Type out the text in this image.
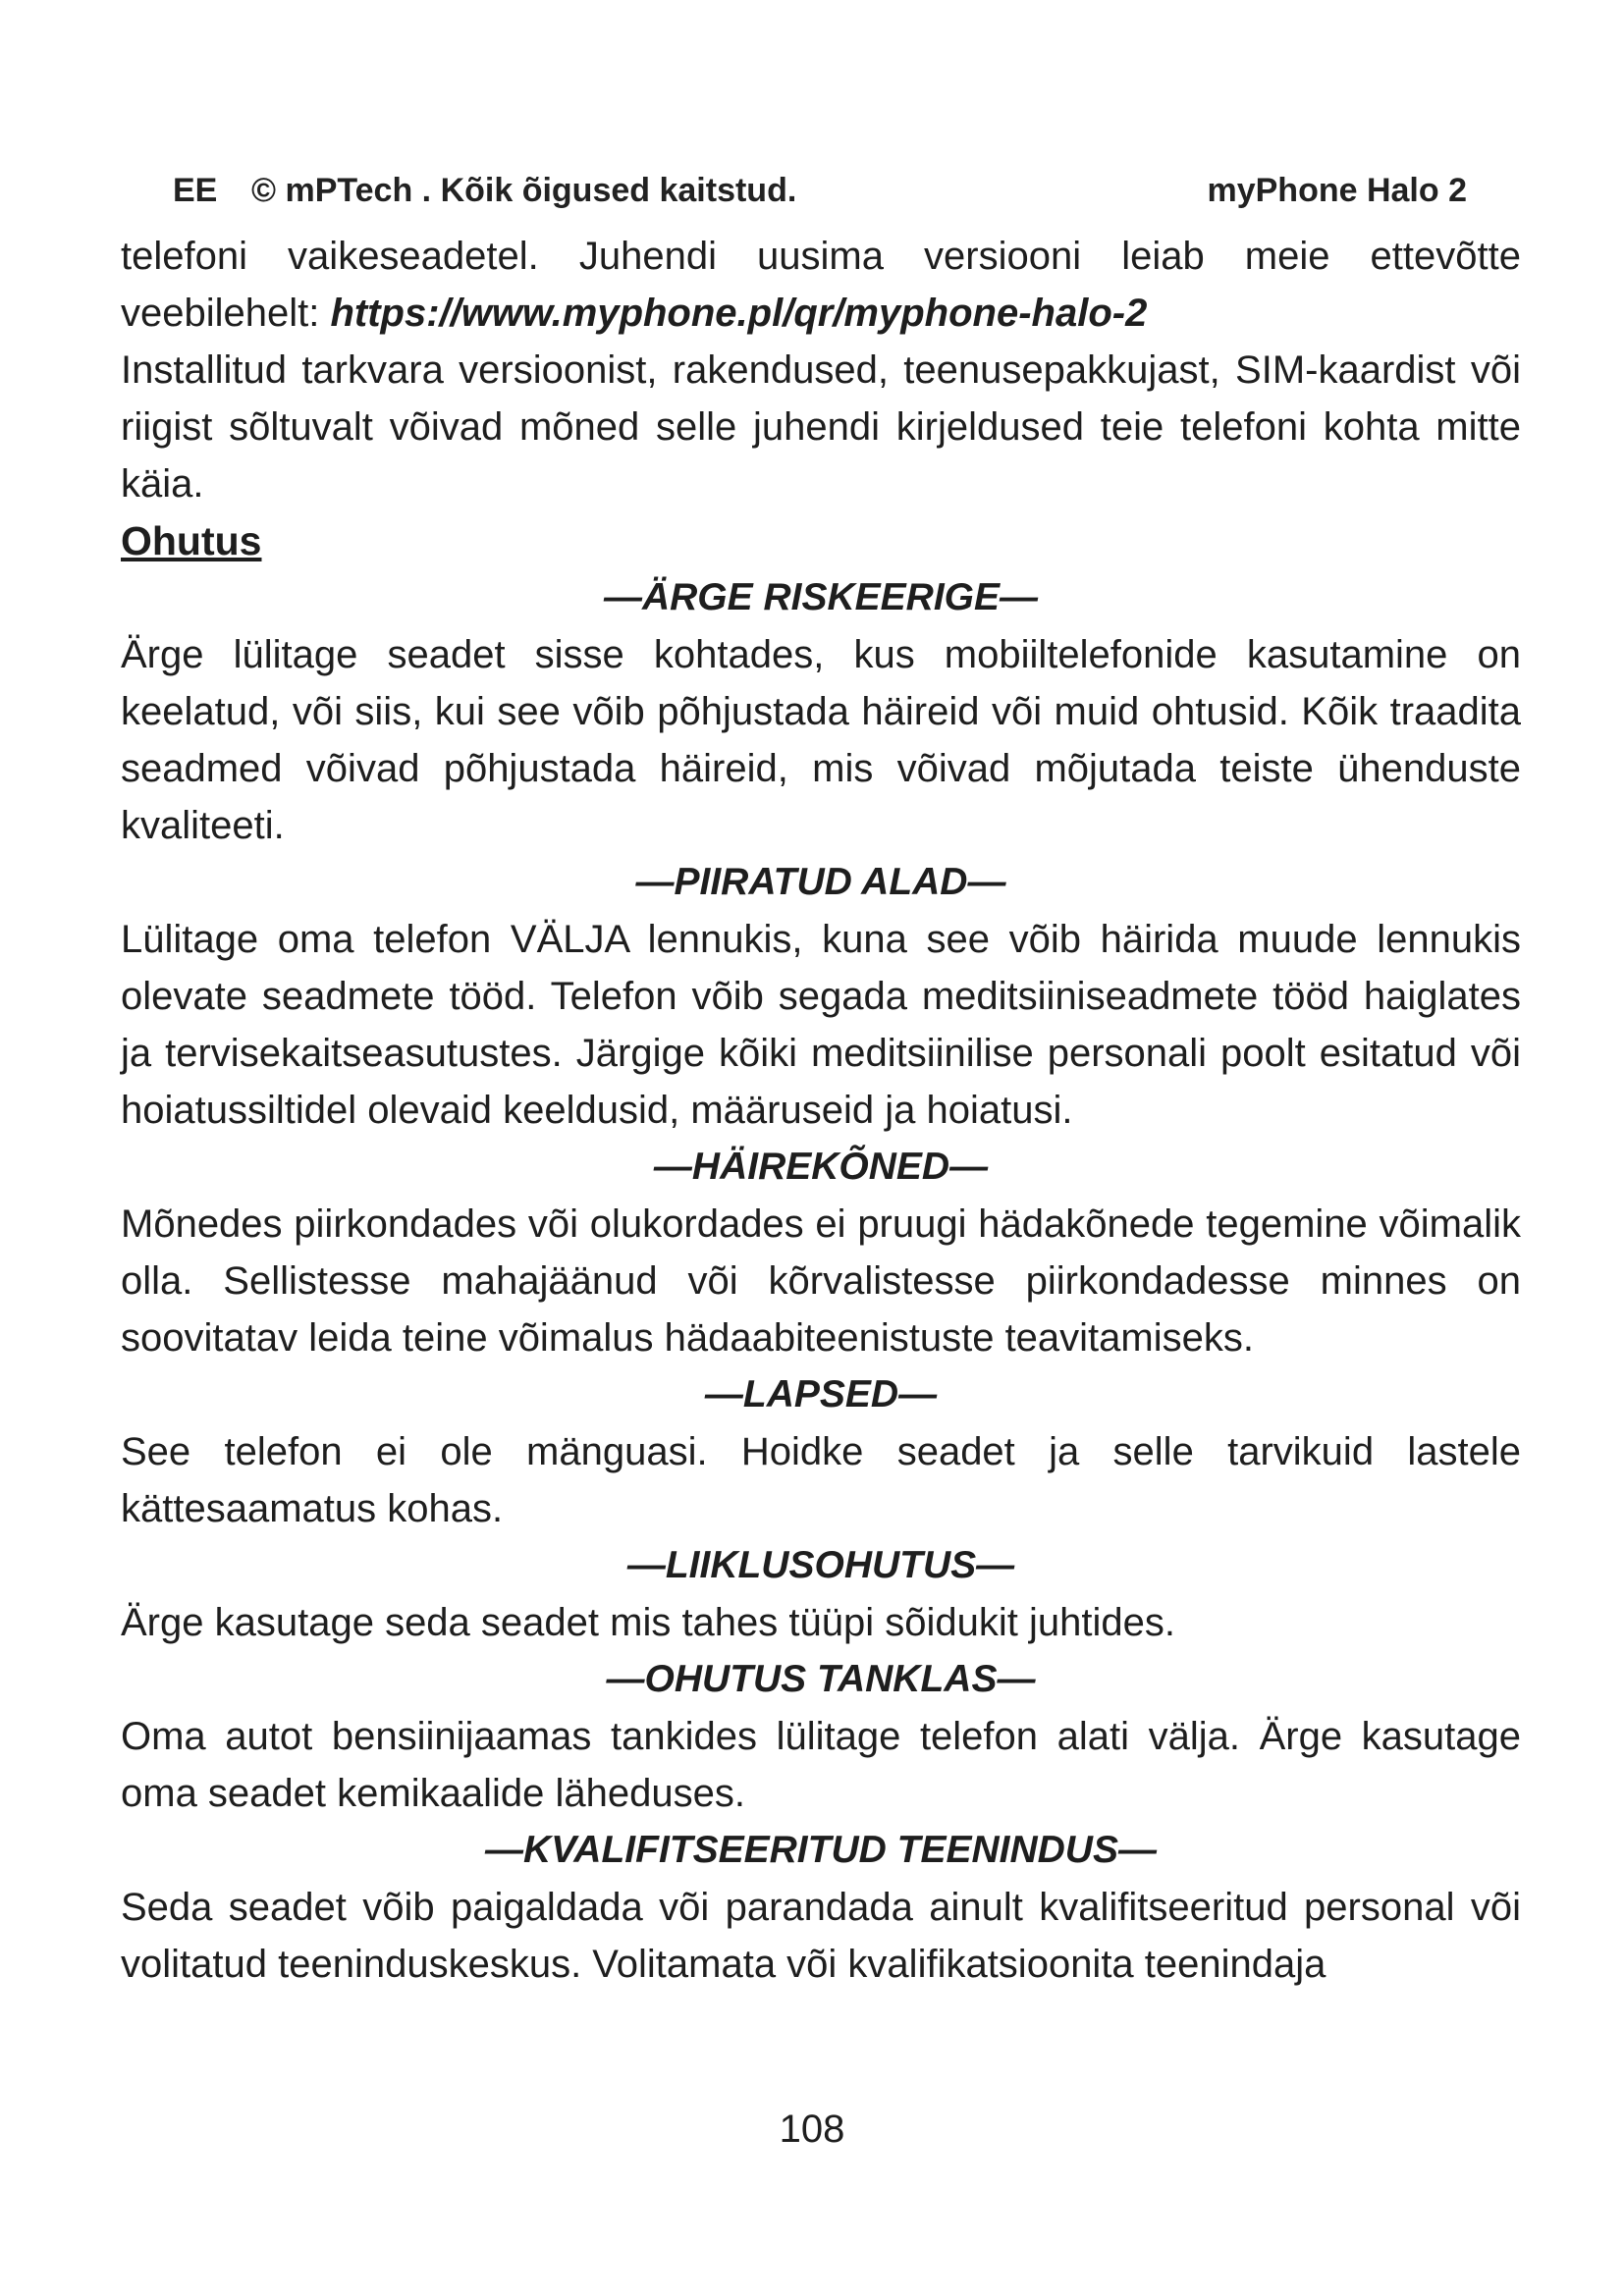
EE © mPTech . Kõik õigused kaitstud.	myPhone Halo 2

telefoni vaikeseadetel. Juhendi uusima versiooni leiab meie ettevõtte veebilehelt: https://www.myphone.pl/qr/myphone-halo-2

Installitud tarkvara versioonist, rakendused, teenusepakkujast, SIM-kaardist või riigist sõltuvalt võivad mõned selle juhendi kirjeldused teie telefoni kohta mitte käia.

Ohutus
—ÄRGE RISKEERIGE—

Ärge lülitage seadet sisse kohtades, kus mobiiltelefonide kasutamine on keelatud, või siis, kui see võib põhjustada häireid või muid ohtusid. Kõik traadita seadmed võivad põhjustada häireid, mis võivad mõjutada teiste ühenduste kvaliteeti.

—PIIRATUD ALAD—

Lülitage oma telefon VÄLJA lennukis, kuna see võib häirida muude lennukis olevate seadmete tööd. Telefon võib segada meditsiiniseadmete tööd haiglates ja tervisekaitseasutustes. Järgige kõiki meditsiinilise personali poolt esitatud või hoiatussiltidel olevaid keeldusid, määruseid ja hoiatusi.

—HÄIREKÕNED—

Mõnedes piirkondades või olukordades ei pruugi hädakõnede tegemine võimalik olla. Sellistesse mahajäänud või kõrvalistesse piirkondadesse minnes on soovitatav leida teine võimalus hädaabiteenistuste teavitamiseks.

—LAPSED—

See telefon ei ole mänguasi. Hoidke seadet ja selle tarvikuid lastele kättesaamatus kohas.

—LIIKLUSOHUTUS—

Ärge kasutage seda seadet mis tahes tüüpi sõidukit juhtides.

—OHUTUS TANKLAS—

Oma autot bensiinijaamas tankides lülitage telefon alati välja. Ärge kasutage oma seadet kemikaalide läheduses.

—KVALIFITSEERITUD TEENINDUS—

Seda seadet võib paigaldada või parandada ainult kvalifitseeritud personal või volitatud teeninduskeskus. Volitamata või kvalifikatsioonita teenindaja

108
